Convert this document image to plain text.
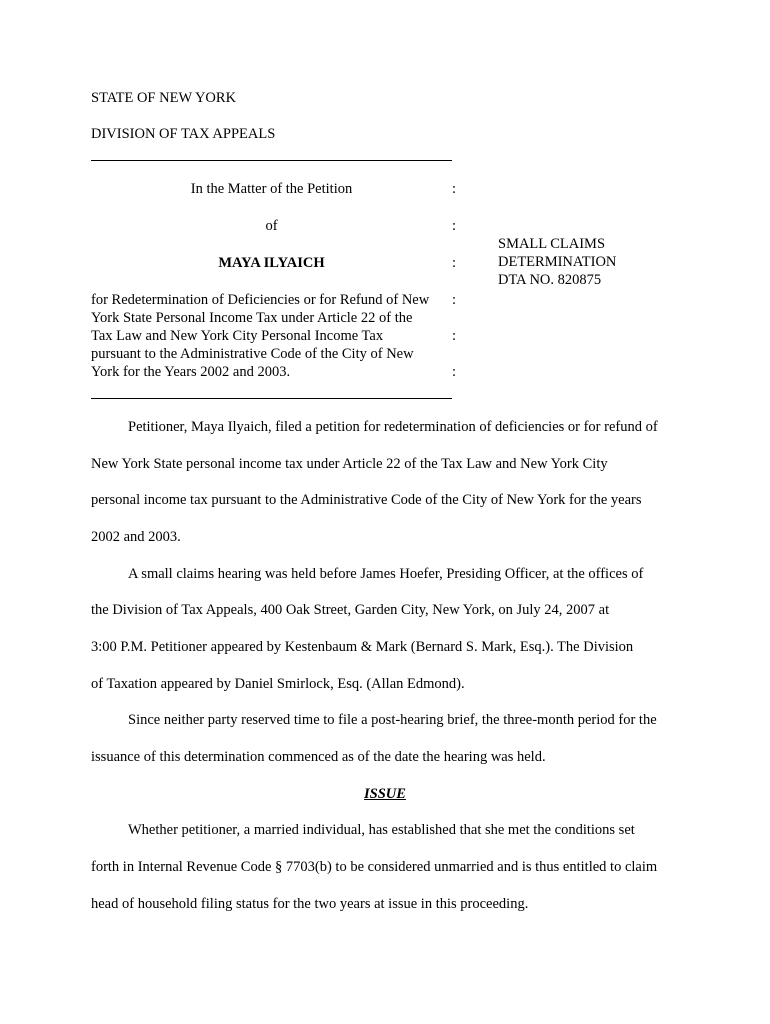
STATE OF NEW YORK
DIVISION OF TAX APPEALS
In the Matter of the Petition	:
of	:
MAYA ILYAICH	:
SMALL CLAIMS
DETERMINATION
DTA NO. 820875
for Redetermination of Deficiencies or for Refund of New :
York State Personal Income Tax under Article 22 of the
Tax Law and New York City Personal Income Tax	:
pursuant to the Administrative Code of the City of New
York for the Years 2002 and 2003.	:
Petitioner, Maya Ilyaich, filed a petition for redetermination of deficiencies or for refund of
New York State personal income tax under Article 22 of the Tax Law and New York City
personal income tax pursuant to the Administrative Code of the City of New York for the years
2002 and 2003.
A small claims hearing was held before James Hoefer, Presiding Officer, at the offices of
the Division of Tax Appeals, 400 Oak Street, Garden City, New York, on July 24, 2007 at
3:00 P.M. Petitioner appeared by Kestenbaum & Mark (Bernard S. Mark, Esq.). The Division
of Taxation appeared by Daniel Smirlock, Esq. (Allan Edmond).
Since neither party reserved time to file a post-hearing brief, the three-month period for the
issuance of this determination commenced as of the date the hearing was held.
ISSUE
Whether petitioner, a married individual, has established that she met the conditions set
forth in Internal Revenue Code § 7703(b) to be considered unmarried and is thus entitled to claim
head of household filing status for the two years at issue in this proceeding.
